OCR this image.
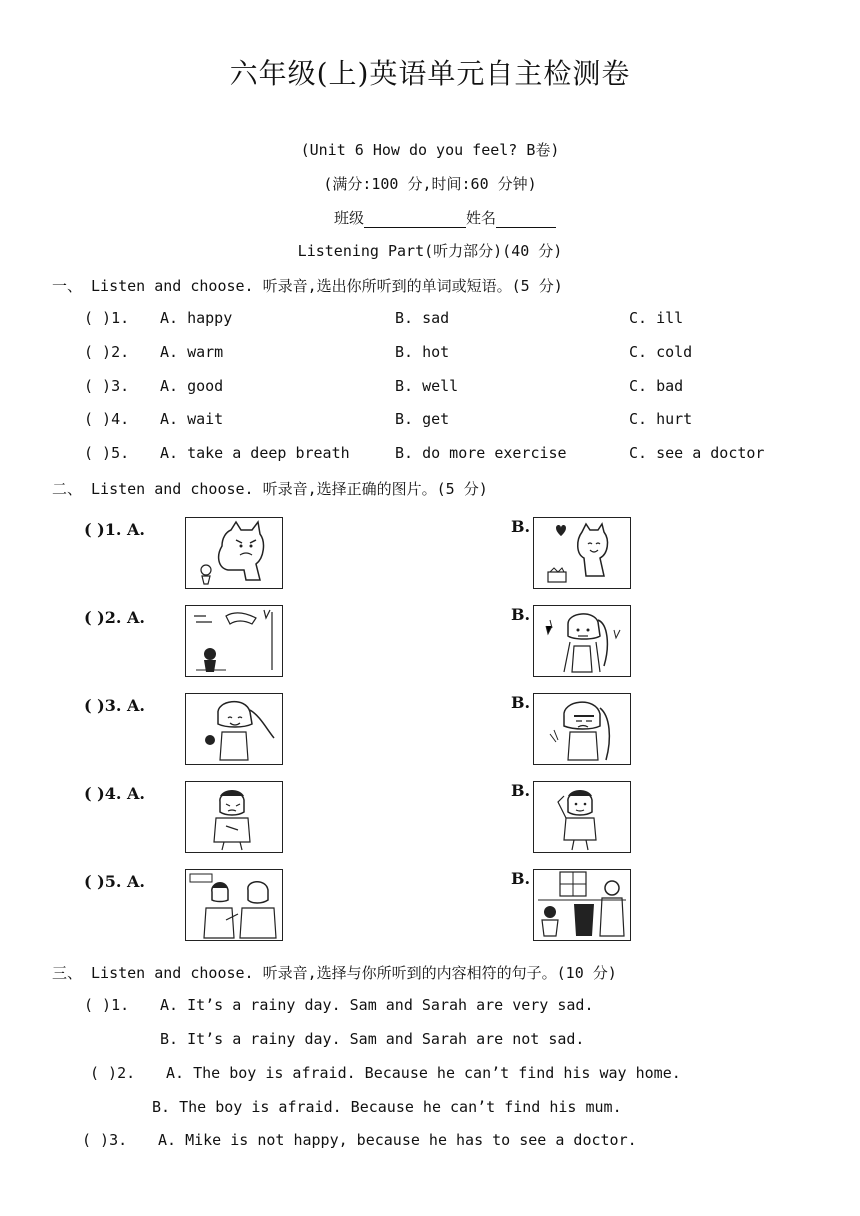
六年级(上)英语单元自主检测卷
(Unit 6 How do you feel? B卷)
(满分:100 分,时间:60 分钟)
班级	姓名
Listening Part(听力部分)(40 分)
一、 Listen and choose. 听录音,选出你所听到的单词或短语。(5 分)
( )1. A. happy	B. sad	C. ill
( )2. A. warm	B. hot	C. cold
( )3. A. good	B. well	C. bad
( )4. A. wait	B. get	C. hurt
( )5. A. take a deep breath	B. do more exercise	C. see a doctor
二、 Listen and choose. 听录音,选择正确的图片。(5 分)
( )1. A.	B.
( )2. A.	B.
( )3. A.	B.
( )4. A.	B.
( )5. A.	B.
三、 Listen and choose. 听录音,选择与你所听到的内容相符的句子。(10 分)
( )1. A. It’s a rainy day. Sam and Sarah are very sad.
B. It’s a rainy day. Sam and Sarah are not sad.
( )2. A. The boy is afraid. Because he can’t find his way home.
B. The boy is afraid. Because he can’t find his mum.
( )3. A. Mike is not happy, because he has to see a doctor.
